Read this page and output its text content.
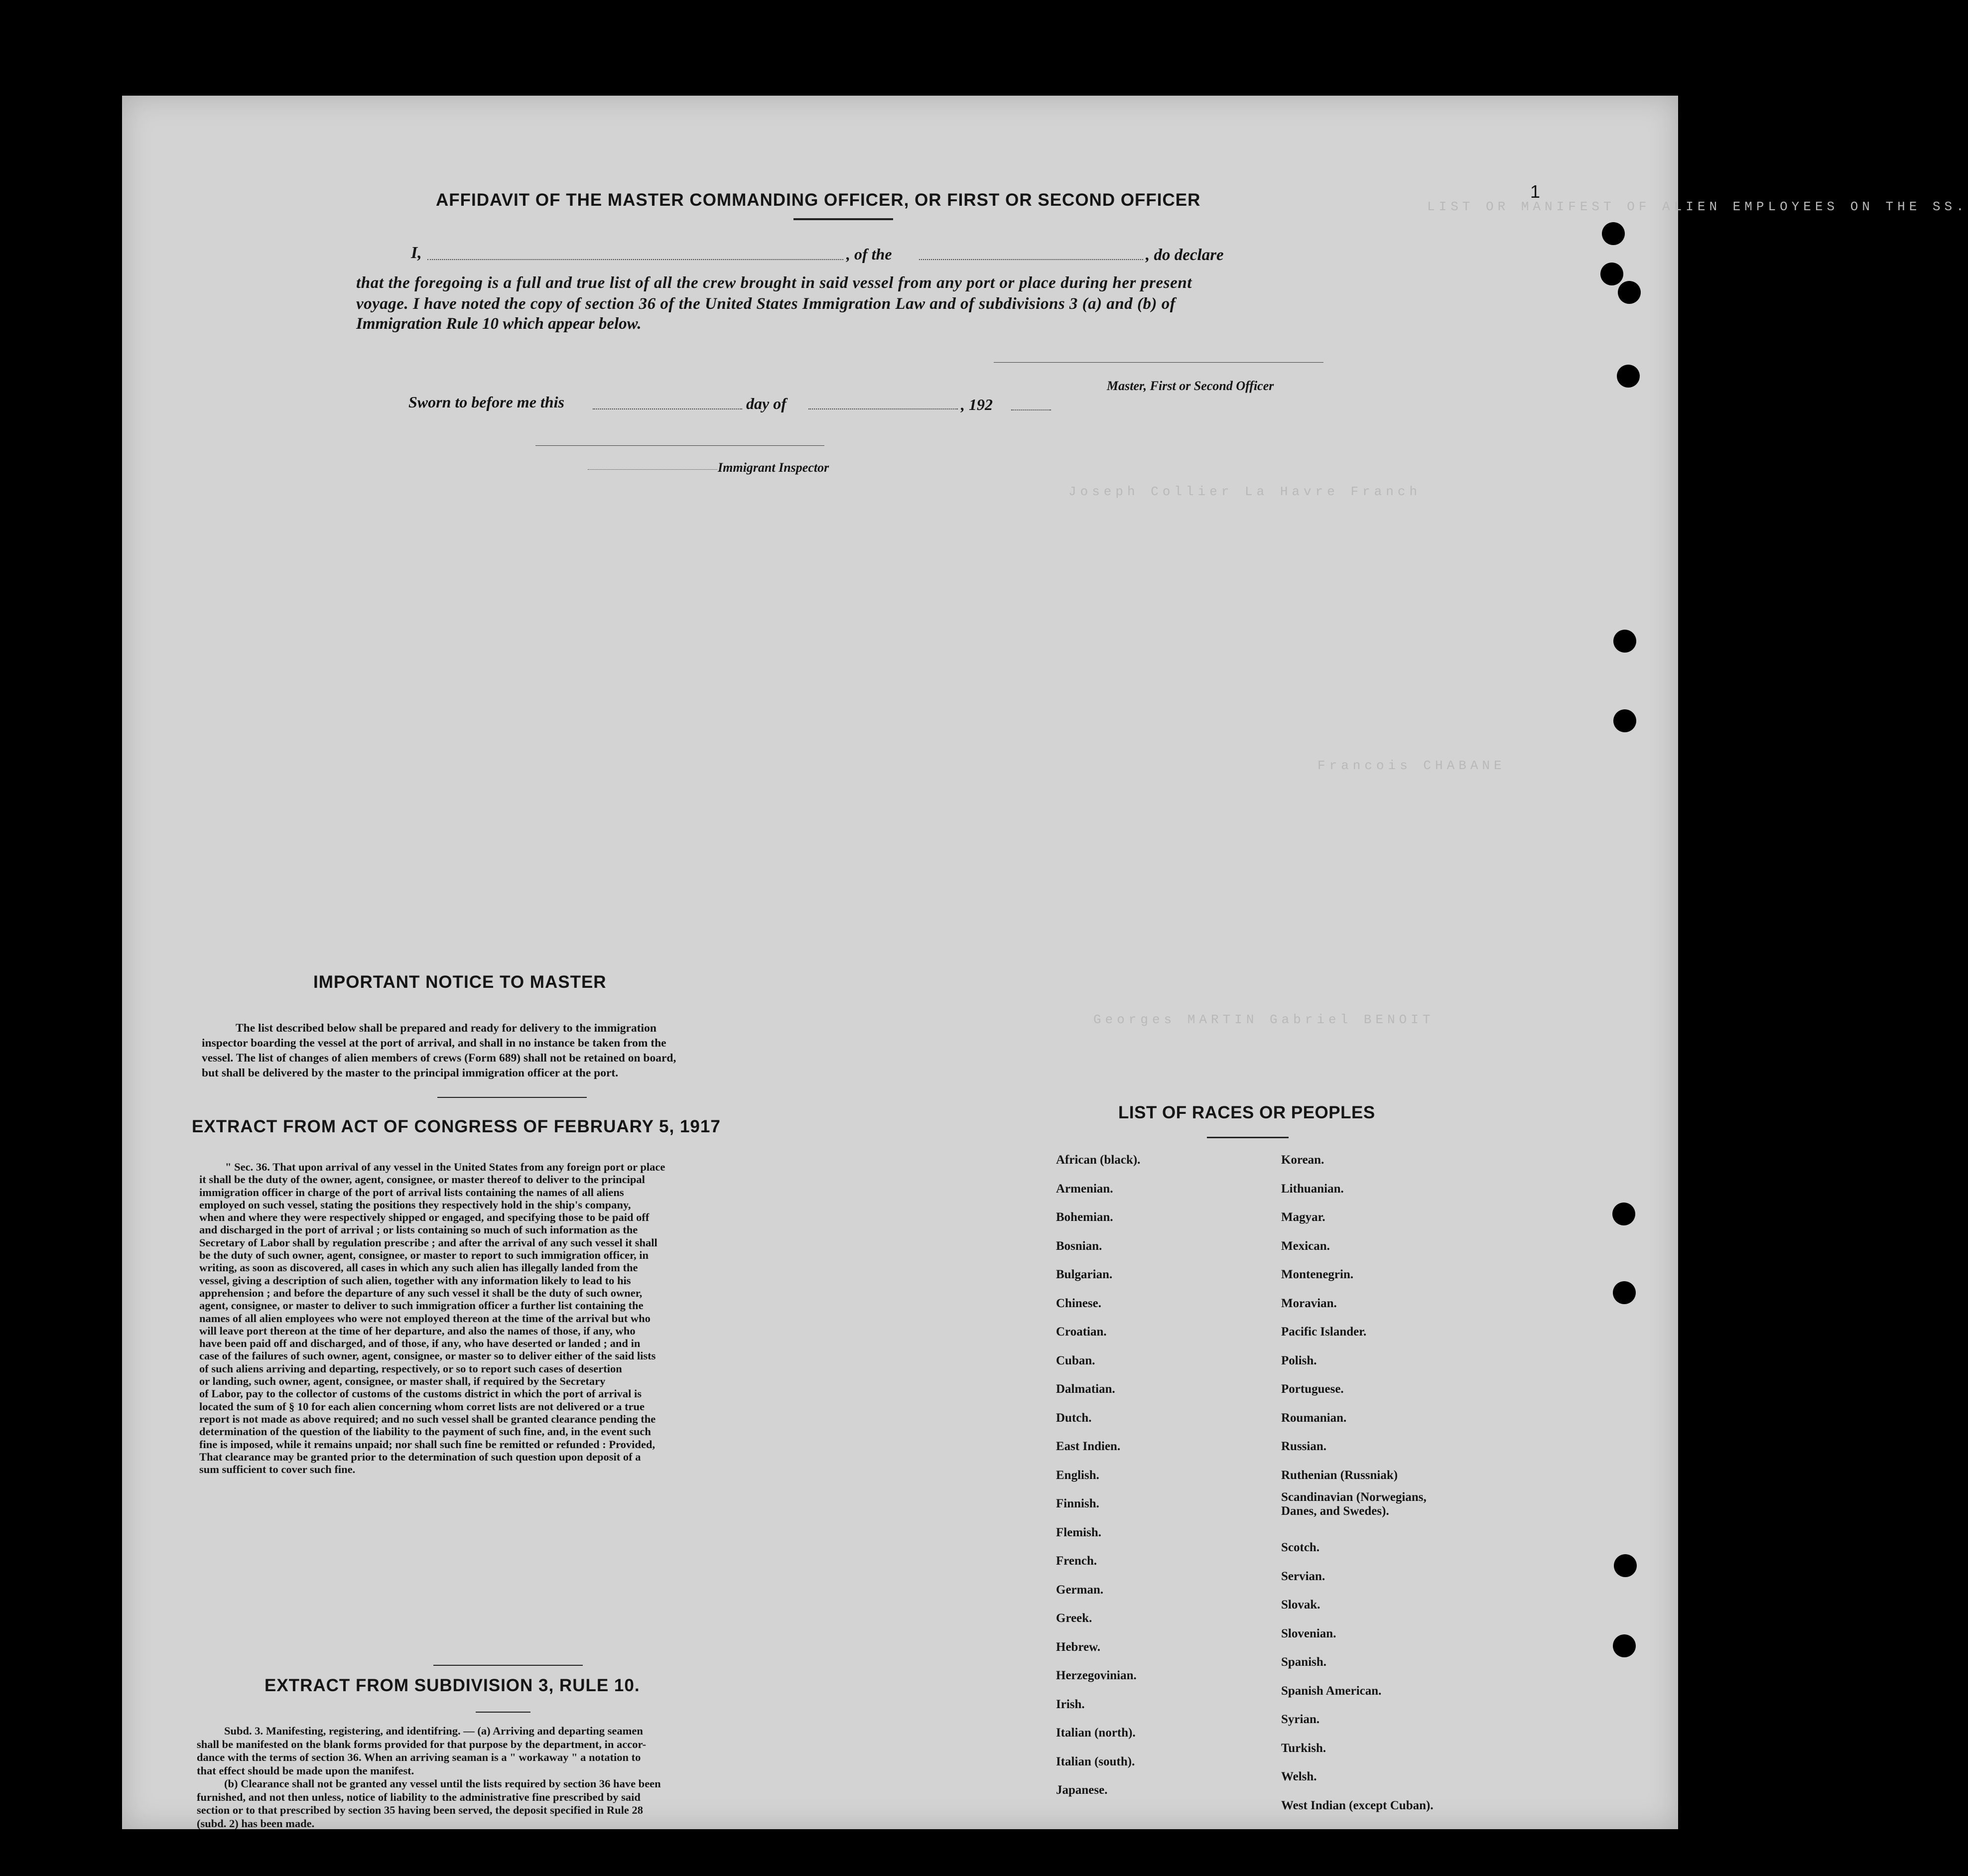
LIST OR MANIFEST OF ALIEN EMPLOYEES ON THE SS.
Joseph Collier La Havre Franch
Francois CHABANE
Georges MARTIN Gabriel BENOIT
1
AFFIDAVIT OF THE MASTER COMMANDING OFFICER, OR FIRST OR SECOND OFFICER
I,	, of the	, do declare
that the foregoing is a full and true list of all the crew brought in said vessel from any port or place during her present
voyage. I have noted the copy of section 36 of the United States Immigration Law and of subdivisions 3 (a) and (b) of
Immigration Rule 10 which appear below.
Master, First or Second Officer
Sworn to before me this	day of	, 192
Immigrant Inspector
IMPORTANT NOTICE TO MASTER
The list described below shall be prepared and ready for delivery to the immigration
inspector boarding the vessel at the port of arrival, and shall in no instance be taken from the
vessel. The list of changes of alien members of crews (Form 689) shall not be retained on board,
but shall be delivered by the master to the principal immigration officer at the port.
EXTRACT FROM ACT OF CONGRESS OF FEBRUARY 5, 1917
" Sec. 36. That upon arrival of any vessel in the United States from any foreign port or place
it shall be the duty of the owner, agent, consignee, or master thereof to deliver to the principal
immigration officer in charge of the port of arrival lists containing the names of all aliens
employed on such vessel, stating the positions they respectively hold in the ship's company,
when and where they were respectively shipped or engaged, and specifying those to be paid off
and discharged in the port of arrival ; or lists containing so much of such information as the
Secretary of Labor shall by regulation prescribe ; and after the arrival of any such vessel it shall
be the duty of such owner, agent, consignee, or master to report to such immigration officer, in
writing, as soon as discovered, all cases in which any such alien has illegally landed from the
vessel, giving a description of such alien, together with any information likely to lead to his
apprehension ; and before the departure of any such vessel it shall be the duty of such owner,
agent, consignee, or master to deliver to such immigration officer a further list containing the
names of all alien employees who were not employed thereon at the time of the arrival but who
will leave port thereon at the time of her departure, and also the names of those, if any, who
have been paid off and discharged, and of those, if any, who have deserted or landed ; and in
case of the failures of such owner, agent, consignee, or master so to deliver either of the said lists
of such aliens arriving and departing, respectively, or so to report such cases of desertion
or landing, such owner, agent, consignee, or master shall, if required by the Secretary
of Labor, pay to the collector of customs of the customs district in which the port of arrival is
located the sum of § 10 for each alien concerning whom corret lists are not delivered or a true
report is not made as above required; and no such vessel shall be granted clearance pending the
determination of the question of the liability to the payment of such fine, and, in the event such
fine is imposed, while it remains unpaid; nor shall such fine be remitted or refunded : Provided,
That clearance may be granted prior to the determination of such question upon deposit of a
sum sufficient to cover such fine.
EXTRACT FROM SUBDIVISION 3, RULE 10.
Subd. 3. Manifesting, registering, and identifring. — (a) Arriving and departing seamen
shall be manifested on the blank forms provided for that purpose by the department, in accor-
dance with the terms of section 36. When an arriving seaman is a " workaway " a notation to
that effect should be made upon the manifest.
(b) Clearance shall not be granted any vessel until the lists required by section 36 have been
furnished, and not then unless, notice of liability to the administrative fine prescribed by said
section or to that prescribed by section 35 having been served, the deposit specified in Rule 28
(subd. 2) has been made.
LIST OF RACES OR PEOPLES
African (black).
Armenian.
Bohemian.
Bosnian.
Bulgarian.
Chinese.
Croatian.
Cuban.
Dalmatian.
Dutch.
East Indien.
English.
Finnish.
Flemish.
French.
German.
Greek.
Hebrew.
Herzegovinian.
Irish.
Italian (north).
Italian (south).
Japanese.
Korean.
Lithuanian.
Magyar.
Mexican.
Montenegrin.
Moravian.
Pacific Islander.
Polish.
Portuguese.
Roumanian.
Russian.
Ruthenian (Russniak)
Scandinavian (Norwegians,
Danes, and Swedes).
Scotch.
Servian.
Slovak.
Slovenian.
Spanish.
Spanish American.
Syrian.
Turkish.
Welsh.
West Indian (except Cuban).
